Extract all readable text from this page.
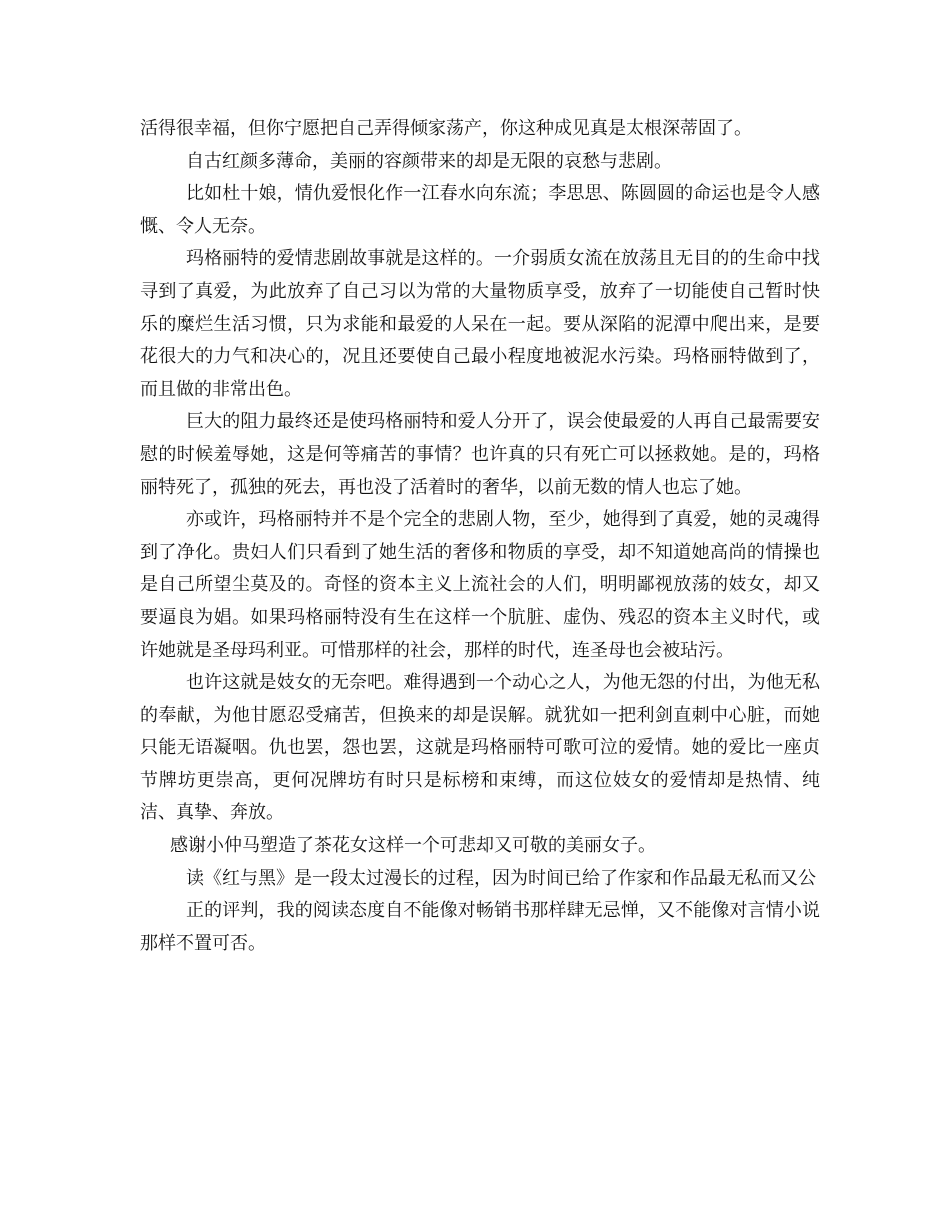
活得很幸福，但你宁愿把自己弄得倾家荡产，你这种成见真是太根深蒂固了。

自古红颜多薄命，美丽的容颜带来的却是无限的哀愁与悲剧。

比如杜十娘，情仇爱恨化作一江春水向东流；李思思、陈圆圆的命运也是令人感慨、令人无奈。

玛格丽特的爱情悲剧故事就是这样的。一介弱质女流在放荡且无目的的生命中找寻到了真爱，为此放弃了自己习以为常的大量物质享受，放弃了一切能使自己暂时快乐的糜烂生活习惯，只为求能和最爱的人呆在一起。要从深陷的泥潭中爬出来，是要花很大的力气和决心的，况且还要使自己最小程度地被泥水污染。玛格丽特做到了，而且做的非常出色。

巨大的阻力最终还是使玛格丽特和爱人分开了，误会使最爱的人再自己最需要安慰的时候羞辱她，这是何等痛苦的事情？也许真的只有死亡可以拯救她。是的，玛格丽特死了，孤独的死去，再也没了活着时的奢华，以前无数的情人也忘了她。

亦或许，玛格丽特并不是个完全的悲剧人物，至少，她得到了真爱，她的灵魂得到了净化。贵妇人们只看到了她生活的奢侈和物质的享受，却不知道她高尚的情操也是自己所望尘莫及的。奇怪的资本主义上流社会的人们，明明鄙视放荡的妓女，却又要逼良为娼。如果玛格丽特没有生在这样一个肮脏、虚伪、残忍的资本主义时代，或许她就是圣母玛利亚。可惜那样的社会，那样的时代，连圣母也会被玷污。

也许这就是妓女的无奈吧。难得遇到一个动心之人，为他无怨的付出，为他无私的奉献，为他甘愿忍受痛苦，但换来的却是误解。就犹如一把利剑直刺中心脏，而她只能无语凝咽。仇也罢，怨也罢，这就是玛格丽特可歌可泣的爱情。她的爱比一座贞节牌坊更崇高，更何况牌坊有时只是标榜和束缚，而这位妓女的爱情却是热情、纯洁、真挚、奔放。

感谢小仲马塑造了茶花女这样一个可悲却又可敬的美丽女子。

读《红与黑》是一段太过漫长的过程，因为时间已给了作家和作品最无私而又公

正的评判，我的阅读态度自不能像对畅销书那样肆无忌惮，又不能像对言情小说那样不置可否。
